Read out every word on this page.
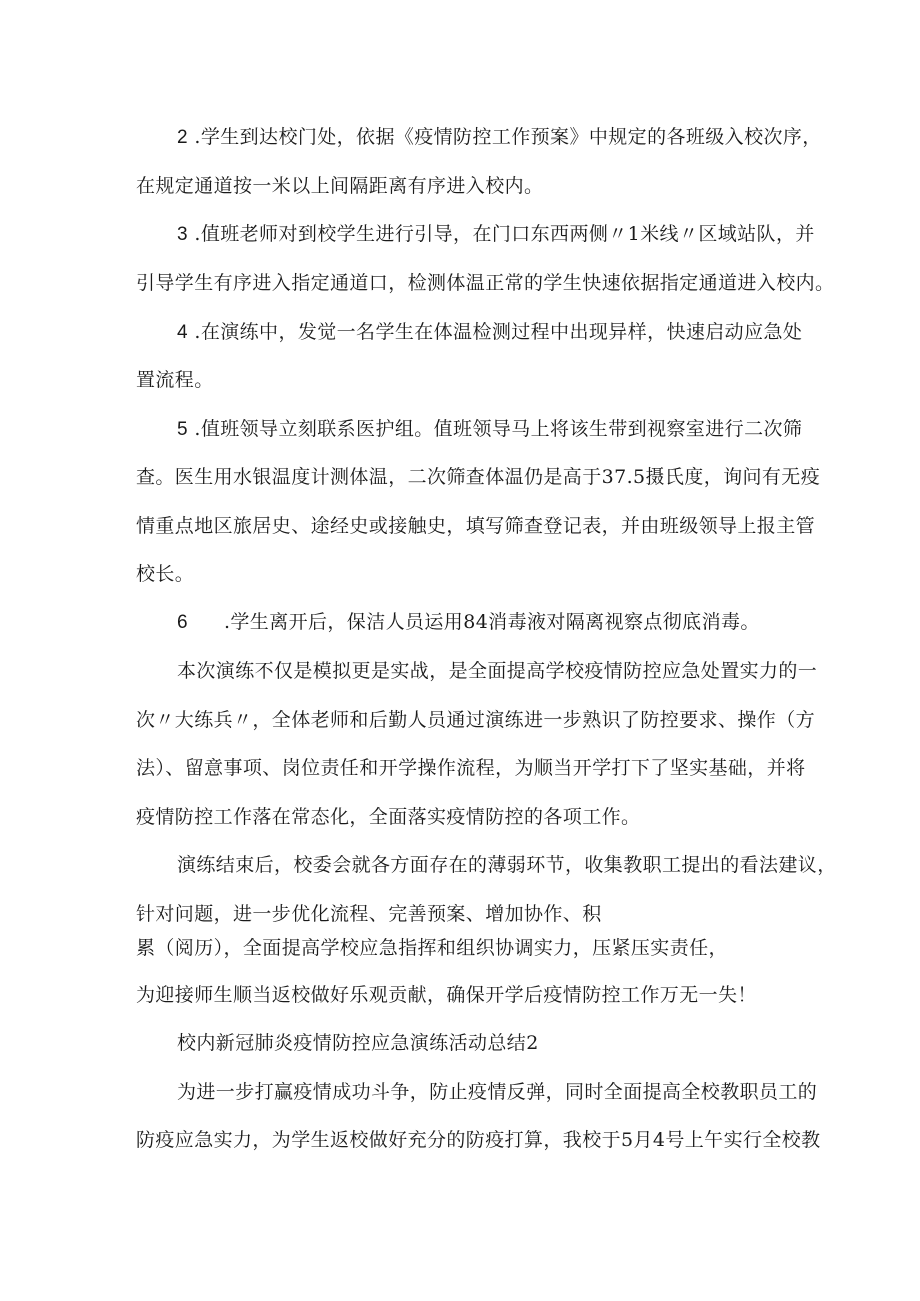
2 .学生到达校门处，依据《疫情防控工作预案》中规定的各班级入校次序，
在规定通道按一米以上间隔距离有序进入校内。
3 .值班老师对到校学生进行引导，在门口东西两侧〃1米线〃区域站队，并
引导学生有序进入指定通道口，检测体温正常的学生快速依据指定通道进入校内。
4 .在演练中，发觉一名学生在体温检测过程中出现异样，快速启动应急处
置流程。
5 .值班领导立刻联系医护组。值班领导马上将该生带到视察室进行二次筛
查。医生用水银温度计测体温，二次筛查体温仍是高于37.5摄氏度，询问有无疫
情重点地区旅居史、途经史或接触史，填写筛查登记表，并由班级领导上报主管
校长。
6 .学生离开后，保洁人员运用84消毒液对隔离视察点彻底消毒。
本次演练不仅是模拟更是实战，是全面提高学校疫情防控应急处置实力的一
次〃大练兵〃，全体老师和后勤人员通过演练进一步熟识了防控要求、操作（方
法）、留意事项、岗位责任和开学操作流程，为顺当开学打下了坚实基础，并将
疫情防控工作落在常态化，全面落实疫情防控的各项工作。
演练结束后，校委会就各方面存在的薄弱环节，收集教职工提出的看法建议，
针对问题，进一步优化流程、完善预案、增加协作、积
累（阅历），全面提高学校应急指挥和组织协调实力，压紧压实责任，
为迎接师生顺当返校做好乐观贡献，确保开学后疫情防控工作万无一失！
校内新冠肺炎疫情防控应急演练活动总结2
为进一步打赢疫情成功斗争，防止疫情反弹，同时全面提高全校教职员工的
防疫应急实力，为学生返校做好充分的防疫打算，我校于5月4号上午实行全校教
